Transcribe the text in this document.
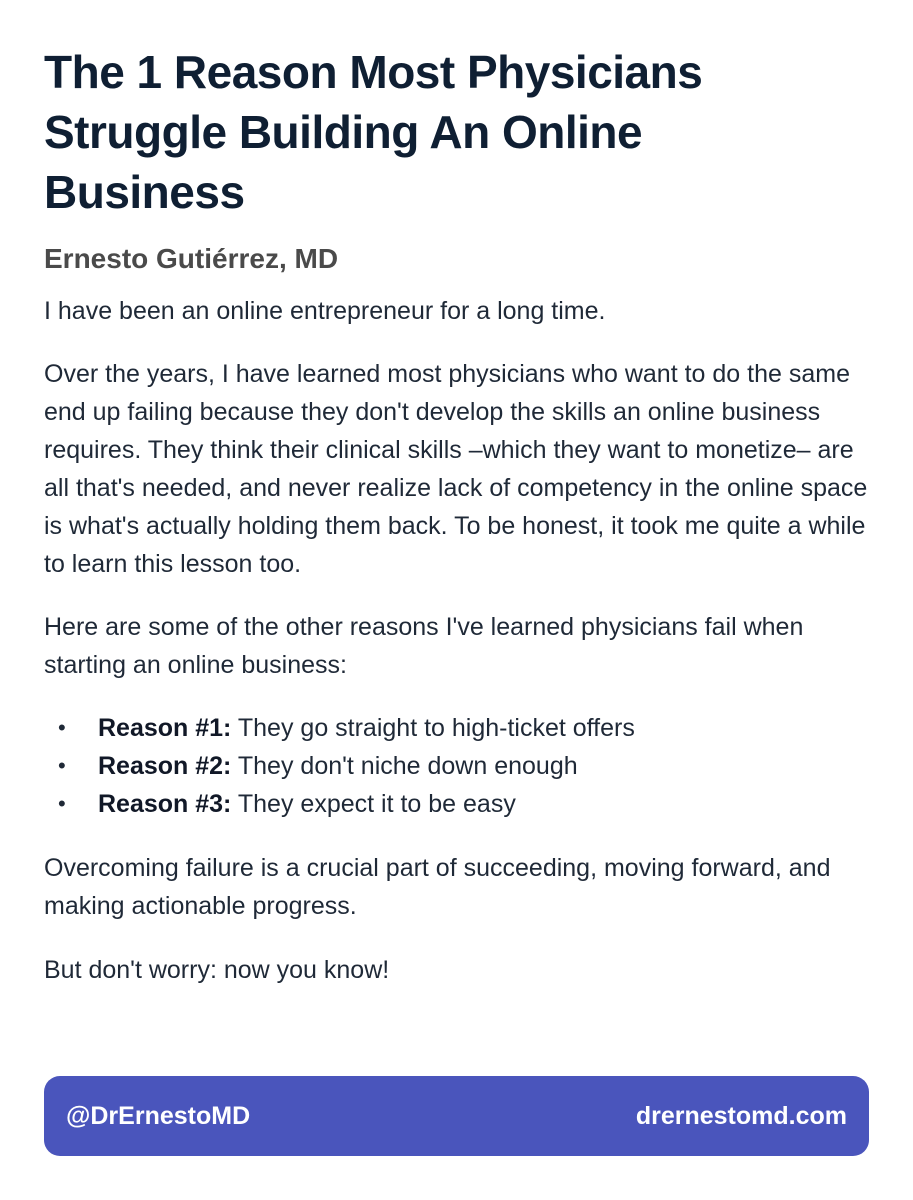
The 1 Reason Most Physicians Struggle Building An Online Business
Ernesto Gutiérrez, MD

I have been an online entrepreneur for a long time.

Over the years, I have learned most physicians who want to do the same end up failing because they don't develop the skills an online business requires. They think their clinical skills –which they want to monetize– are all that's needed, and never realize lack of competency in the online space is what's actually holding them back. To be honest, it took me quite a while to learn this lesson too.

Here are some of the other reasons I've learned physicians fail when starting an online business:

• Reason #1: They go straight to high-ticket offers
• Reason #2: They don't niche down enough
• Reason #3: They expect it to be easy

Overcoming failure is a crucial part of succeeding, moving forward, and making actionable progress.

But don't worry: now you know!

@DrErnestoMD	drernestomd.com
